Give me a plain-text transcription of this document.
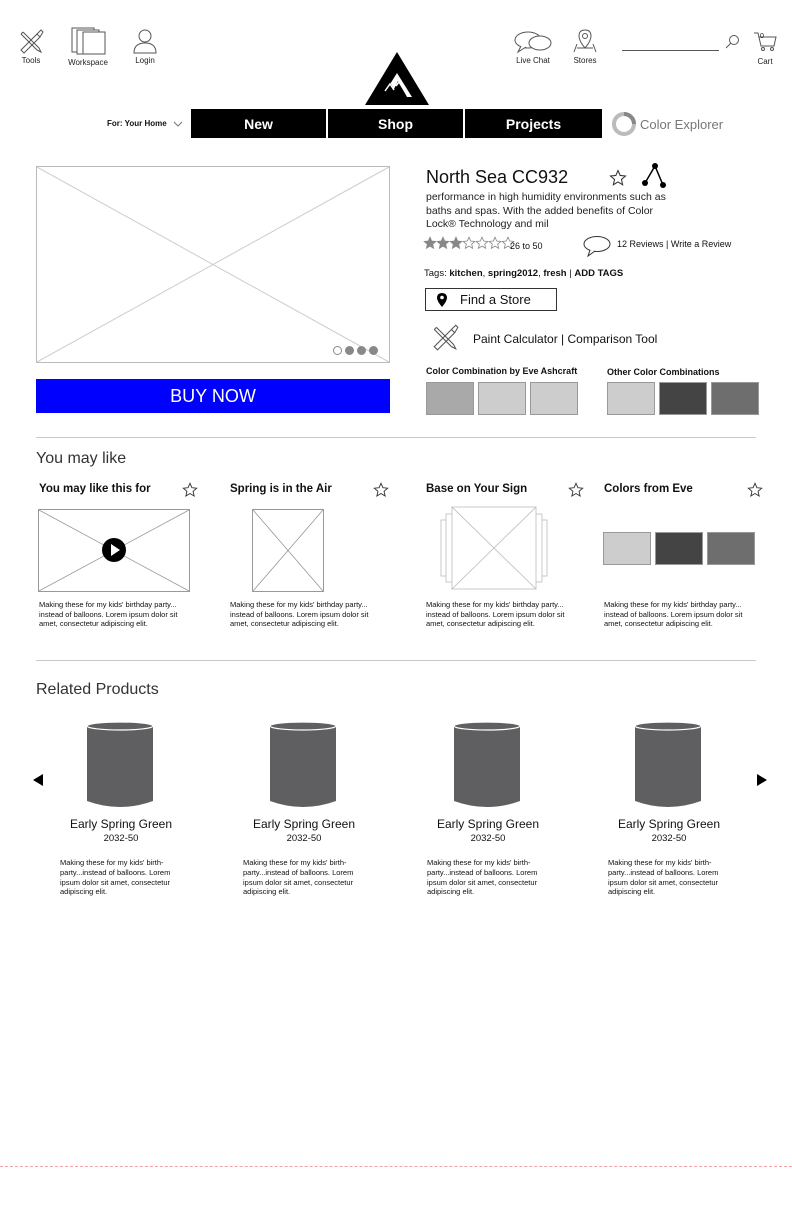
Tools	Workspace	Login	Live Chat	Stores
0
Cart
For: Your Home	New	Shop	Projects	Color Explorer
BUY NOW
North Sea CC932
performance in high humidity environments such as baths and spas. With the added benefits of Color Lock® Technology and mil
26 to 50	12 Reviews | Write a Review
Tags: kitchen, spring2012, fresh | ADD TAGS
Find a Store
Paint Calculator | Comparison Tool
Color Combination by Eve Ashcraft	Other Color Combinations
You may like
You may like this for	Spring is in the Air	Base on Your Sign	Colors from Eve
Making these for my kids' birthday party... instead of balloons. Lorem ipsum dolor sit amet, consectetur adipiscing elit.
Making these for my kids' birthday party... instead of balloons. Lorem ipsum dolor sit amet, consectetur adipiscing elit.
Making these for my kids' birthday party... instead of balloons. Lorem ipsum dolor sit amet, consectetur adipiscing elit.
Making these for my kids' birthday party... instead of balloons. Lorem ipsum dolor sit amet, consectetur adipiscing elit.
Related Products
Early Spring Green
2032-50
Making these for my kids' birth-party...instead of balloons. Lorem ipsum dolor sit amet, consectetur adipiscing elit.
Early Spring Green
2032-50
Making these for my kids' birth-party...instead of balloons. Lorem ipsum dolor sit amet, consectetur adipiscing elit.
Early Spring Green
2032-50
Making these for my kids' birth-party...instead of balloons. Lorem ipsum dolor sit amet, consectetur adipiscing elit.
Early Spring Green
2032-50
Making these for my kids' birth-party...instead of balloons. Lorem ipsum dolor sit amet, consectetur adipiscing elit.
